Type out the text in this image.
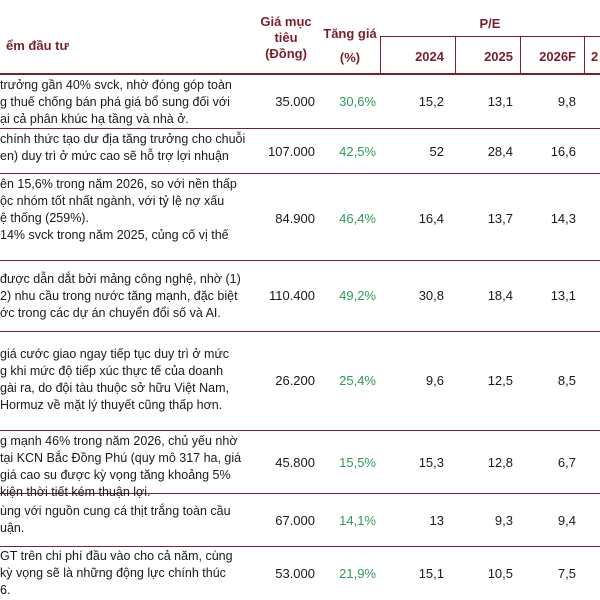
ểm đầu tư
Giá mục
tiêu
(Đồng)
Tăng giá
(%)
P/E
2024	2025	2026F 2
trưởng gần 40% svck, nhờ đóng góp toàn
g thuế chống bán phá giá bổ sung đối với
ại cả phân khúc hạ tầng và nhà ở.
35.000	30,6%	15,2	13,1	9,8
chính thức tạo dư địa tăng trưởng cho chuỗi
en) duy trì ở mức cao sẽ hỗ trợ lợi nhuận	107.000	42,5%	52	28,4	16,6
ên 15,6% trong năm 2026, so với nền thấp
ộc nhóm tốt nhất ngành, với tỷ lệ nợ xấu
ệ thống (259%).
14% svck trong năm 2025, củng cố vị thế
84.900	46,4%	16,4	13,7	14,3
được dẫn dắt bởi mảng công nghệ, nhờ (1)
2) nhu cầu trong nước tăng mạnh, đặc biệt
ớc trong các dự án chuyển đổi số và AI.
110.400	49,2%	30,8	18,4	13,1
giá cước giao ngay tiếp tục duy trì ở mức
g khi mức độ tiếp xúc thực tế của doanh
gài ra, do đội tàu thuộc sở hữu Việt Nam,
Hormuz về mặt lý thuyết cũng thấp hơn.
26.200	25,4%	9,6	12,5	8,5
g mạnh 46% trong năm 2026, chủ yếu nhờ
tại KCN Bắc Đồng Phú (quy mô 317 ha, giá
giá cao su được kỳ vọng tăng khoảng 5%
kiện thời tiết kém thuận lợi.
45.800	15,5%	15,3	12,8	6,7
ùng với nguồn cung cá thịt trắng toàn cầu
uận.	67.000	14,1%	13	9,3	9,4
GT trên chi phí đầu vào cho cả năm, cùng
kỳ vọng sẽ là những động lực chính thúc
6.
53.000	21,9%	15,1	10,5	7,5
